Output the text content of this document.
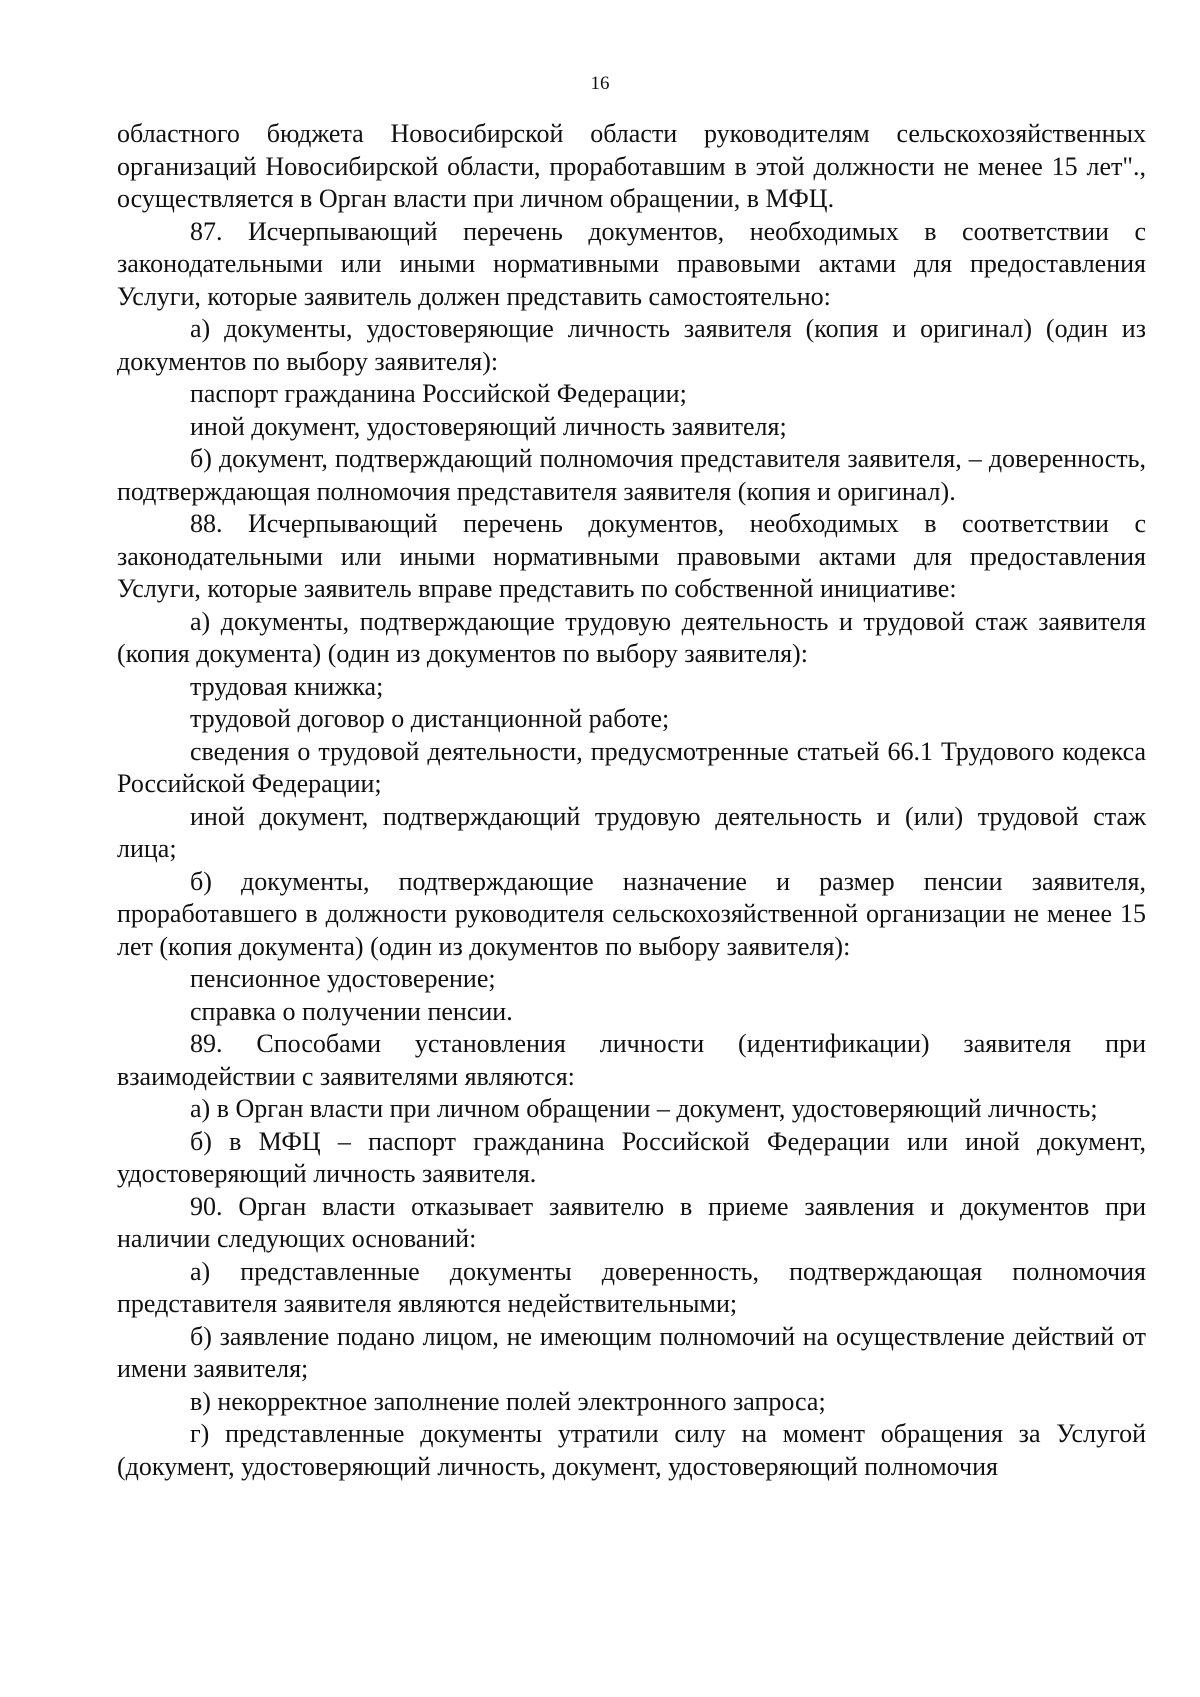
16

областного бюджета Новосибирской области руководителям сельскохозяйственных организаций Новосибирской области, проработавшим в этой должности не менее 15 лет"., осуществляется в Орган власти при личном обращении, в МФЦ.

87. Исчерпывающий перечень документов, необходимых в соответствии с законодательными или иными нормативными правовыми актами для предоставления Услуги, которые заявитель должен представить самостоятельно:

а) документы, удостоверяющие личность заявителя (копия и оригинал) (один из документов по выбору заявителя):

паспорт гражданина Российской Федерации;

иной документ, удостоверяющий личность заявителя;

б) документ, подтверждающий полномочия представителя заявителя, – доверенность, подтверждающая полномочия представителя заявителя (копия и оригинал).

88. Исчерпывающий перечень документов, необходимых в соответствии с законодательными или иными нормативными правовыми актами для предоставления Услуги, которые заявитель вправе представить по собственной инициативе:

а) документы, подтверждающие трудовую деятельность и трудовой стаж заявителя (копия документа) (один из документов по выбору заявителя):

трудовая книжка;

трудовой договор о дистанционной работе;

сведения о трудовой деятельности, предусмотренные статьей 66.1 Трудового кодекса Российской Федерации;

иной документ, подтверждающий трудовую деятельность и (или) трудовой стаж лица;

б) документы, подтверждающие назначение и размер пенсии заявителя, проработавшего в должности руководителя сельскохозяйственной организации не менее 15 лет (копия документа) (один из документов по выбору заявителя):

пенсионное удостоверение;

справка о получении пенсии.

89. Способами установления личности (идентификации) заявителя при взаимодействии с заявителями являются:

а) в Орган власти при личном обращении – документ, удостоверяющий личность;

б) в МФЦ – паспорт гражданина Российской Федерации или иной документ, удостоверяющий личность заявителя.

90. Орган власти отказывает заявителю в приеме заявления и документов при наличии следующих оснований:

а) представленные документы доверенность, подтверждающая полномочия представителя заявителя являются недействительными;

б) заявление подано лицом, не имеющим полномочий на осуществление действий от имени заявителя;

в) некорректное заполнение полей электронного запроса;

г) представленные документы утратили силу на момент обращения за Услугой (документ, удостоверяющий личность, документ, удостоверяющий полномочия
